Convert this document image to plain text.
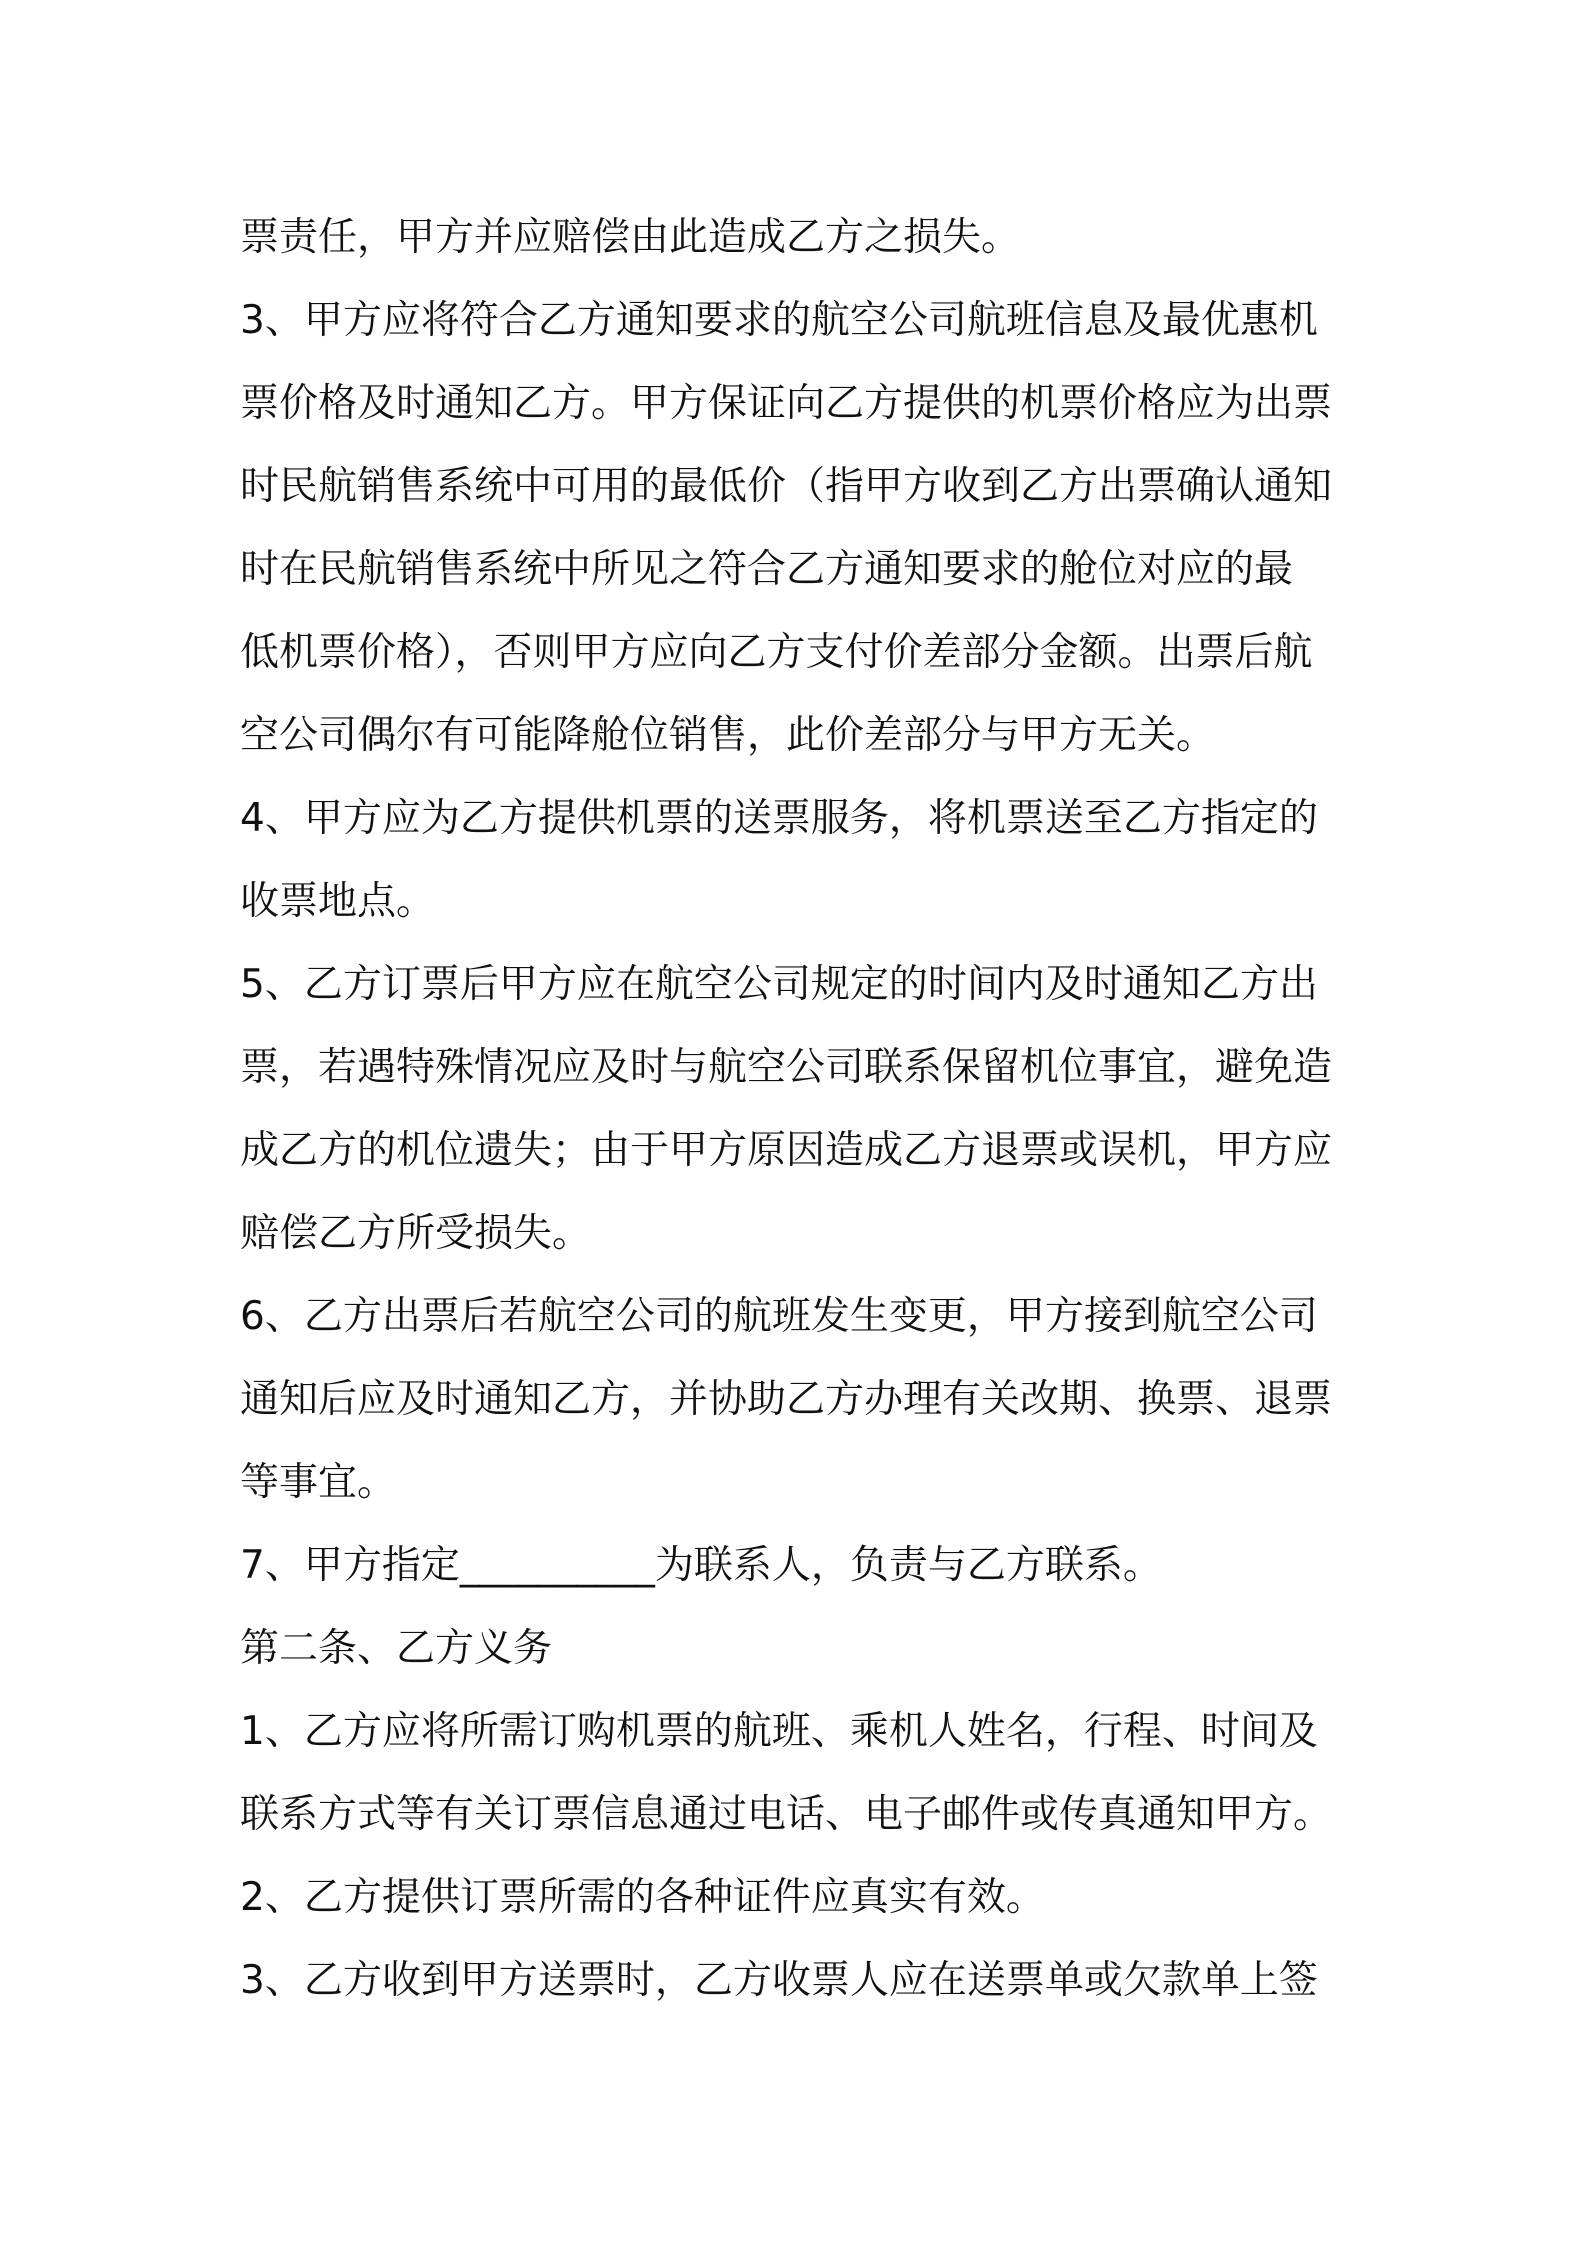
票责任，甲方并应赔偿由此造成乙方之损失。
3、甲方应将符合乙方通知要求的航空公司航班信息及最优惠机
票价格及时通知乙方。甲方保证向乙方提供的机票价格应为出票
时民航销售系统中可用的最低价（指甲方收到乙方出票确认通知
时在民航销售系统中所见之符合乙方通知要求的舱位对应的最
低机票价格），否则甲方应向乙方支付价差部分金额。出票后航
空公司偶尔有可能降舱位销售，此价差部分与甲方无关。
4、甲方应为乙方提供机票的送票服务，将机票送至乙方指定的
收票地点。
5、乙方订票后甲方应在航空公司规定的时间内及时通知乙方出
票，若遇特殊情况应及时与航空公司联系保留机位事宜，避免造
成乙方的机位遗失；由于甲方原因造成乙方退票或误机，甲方应
赔偿乙方所受损失。
6、乙方出票后若航空公司的航班发生变更，甲方接到航空公司
通知后应及时通知乙方，并协助乙方办理有关改期、换票、退票
等事宜。
7、甲方指定__________为联系人，负责与乙方联系。
第二条、乙方义务
1、乙方应将所需订购机票的航班、乘机人姓名，行程、时间及
联系方式等有关订票信息通过电话、电子邮件或传真通知甲方。
2、乙方提供订票所需的各种证件应真实有效。
3、乙方收到甲方送票时，乙方收票人应在送票单或欠款单上签
